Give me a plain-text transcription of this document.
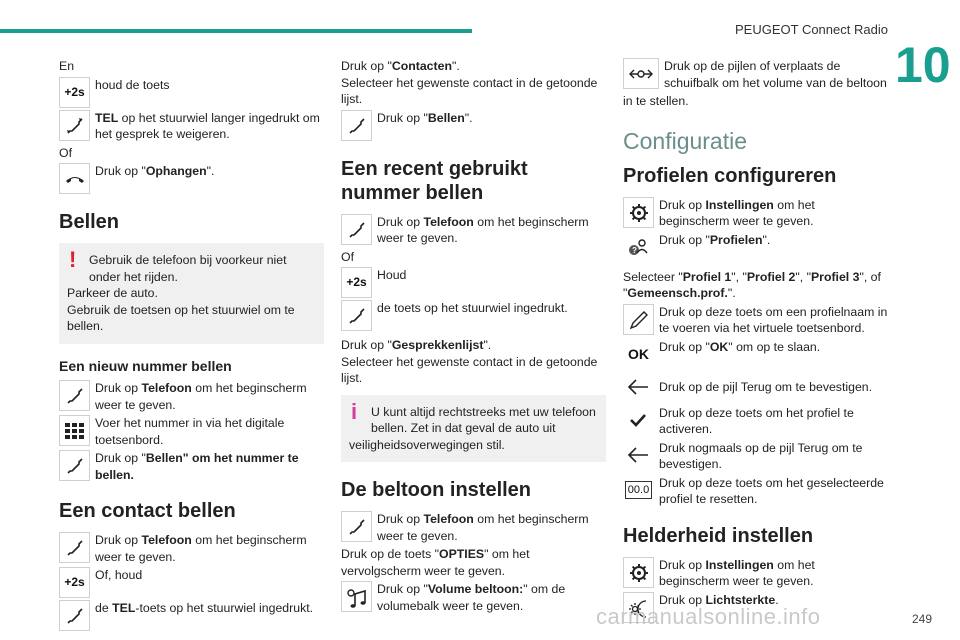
PEUGEOT Connect Radio
10

En

+2s
houd de toets
TEL op het stuurwiel langer ingedrukt om het gesprek te weigeren.

Of

Druk op "Ophangen".
Bellen
!	Gebruik de telefoon bij voorkeur niet onder het rijden.

Parkeer de auto.

Gebruik de toetsen op het stuurwiel om te bellen.

Een nieuw nummer bellen
Druk op Telefoon om het beginscherm weer te geven.
Voer het nummer in via het digitale toetsenbord.
Druk op "Bellen" om het nummer te bellen.
Een contact bellen
Druk op Telefoon om het beginscherm weer te geven.
+2s
Of, houd
de TEL-toets op het stuurwiel ingedrukt.

Druk op "Contacten".

Selecteer het gewenste contact in de getoonde lijst.

Druk op "Bellen".
Een recent gebruikt nummer bellen
Druk op Telefoon om het beginscherm weer te geven.

Of

+2s
Houd
de toets op het stuurwiel ingedrukt.

Druk op "Gesprekkenlijst".

Selecteer het gewenste contact in de getoonde lijst.

i	U kunt altijd rechtstreeks met uw telefoon bellen. Zet in dat geval de auto uit

veiligheidsoverwegingen stil.

De beltoon instellen
Druk op Telefoon om het beginscherm weer te geven.

Druk op de toets "OPTIES" om het vervolgscherm weer te geven.

Druk op "Volume beltoon:" om de volumebalk weer te geven.
Druk op de pijlen of verplaats de schuifbalk om het volume van de beltoon

in te stellen.

Configuratie
Profielen configureren
Druk op Instellingen om het beginscherm weer te geven.
?
Druk op "Profielen".

Selecteer "Profiel 1", "Profiel 2", "Profiel 3", of "Gemeensch.prof.".

Druk op deze toets om een profielnaam in te voeren via het virtuele toetsenbord.
OK Druk op "OK" om op te slaan.
Druk op de pijl Terug om te bevestigen.
Druk op deze toets om het profiel te activeren.
Druk nogmaals op de pijl Terug om te bevestigen.
00.0
Druk op deze toets om het geselecteerde profiel te resetten.
Helderheid instellen
Druk op Instellingen om het beginscherm weer te geven.
Druk op Lichtsterkte.
carmanualsonline.info	249
